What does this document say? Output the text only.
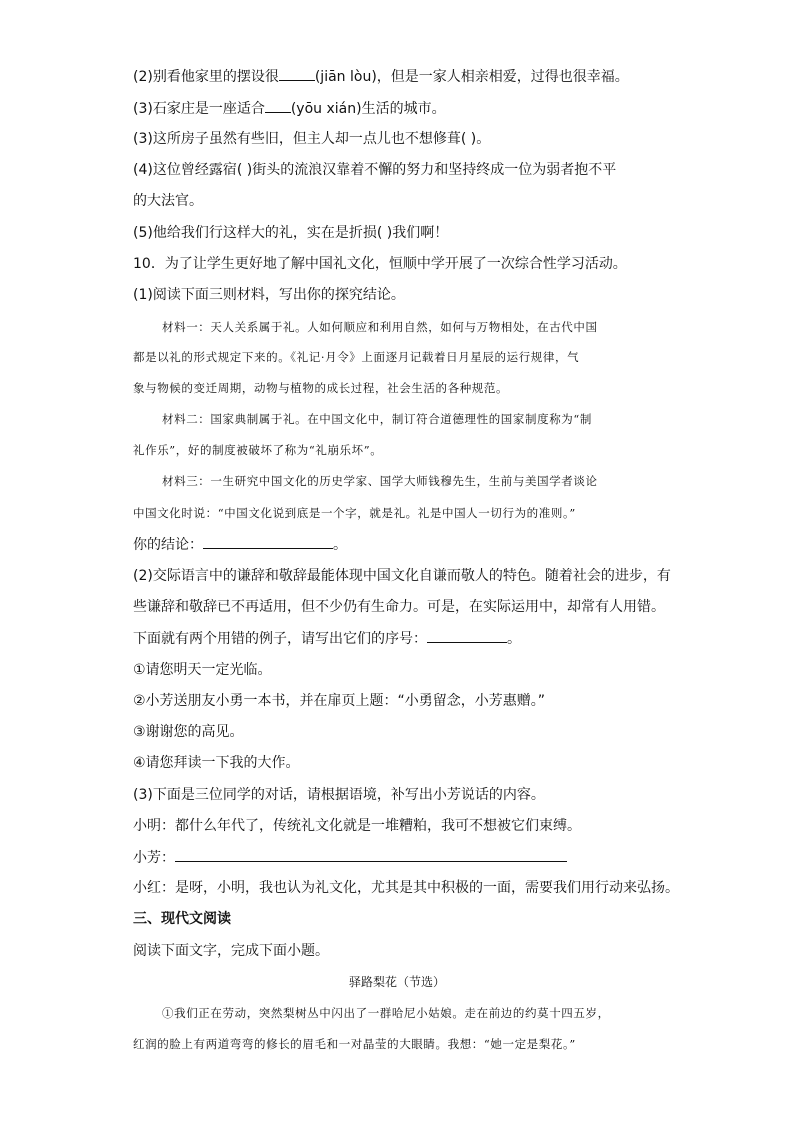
(2)别看他家里的摆设很	(jiān lòu)，但是一家人相亲相爱，过得也很幸福。
(3)石家庄是一座适合 (yōu xián)生活的城市。
(3)这所房子虽然有些旧，但主人却一点儿也不想修葺( )。
(4)这位曾经露宿( )街头的流浪汉靠着不懈的努力和坚持终成一位为弱者抱不平
的大法官。
(5)他给我们行这样大的礼，实在是折损( )我们啊！
10．为了让学生更好地了解中国礼文化，恒顺中学开展了一次综合性学习活动。
(1)阅读下面三则材料，写出你的探究结论。
材料一：天人关系属于礼。人如何顺应和利用自然，如何与万物相处，在古代中国
都是以礼的形式规定下来的。《礼记·月令》上面逐月记载着日月星辰的运行规律，气
象与物候的变迁周期，动物与植物的成长过程，社会生活的各种规范。
材料二：国家典制属于礼。在中国文化中，制订符合道德理性的国家制度称为“制
礼作乐”，好的制度被破坏了称为“礼崩乐坏”。
材料三：一生研究中国文化的历史学家、国学大师钱穆先生，生前与美国学者谈论
中国文化时说：“中国文化说到底是一个字，就是礼。礼是中国人一切行为的准则。”
你的结论：	。
(2)交际语言中的谦辞和敬辞最能体现中国文化自谦而敬人的特色。随着社会的进步，有
些谦辞和敬辞已不再适用，但不少仍有生命力。可是，在实际运用中，却常有人用错。
下面就有两个用错的例子，请写出它们的序号：	。
①请您明天一定光临。
②小芳送朋友小勇一本书，并在扉页上题：“小勇留念，小芳惠赠。”
③谢谢您的高见。
④请您拜读一下我的大作。
(3)下面是三位同学的对话，请根据语境，补写出小芳说话的内容。
小明：都什么年代了，传统礼文化就是一堆糟粕，我可不想被它们束缚。
小芳：
小红：是呀，小明，我也认为礼文化，尤其是其中积极的一面，需要我们用行动来弘扬。
三、现代文阅读
阅读下面文字，完成下面小题。
驿路梨花（节选）
①我们正在劳动，突然梨树丛中闪出了一群哈尼小姑娘。走在前边的约莫十四五岁，
红润的脸上有两道弯弯的修长的眉毛和一对晶莹的大眼睛。我想：“她一定是梨花。”
